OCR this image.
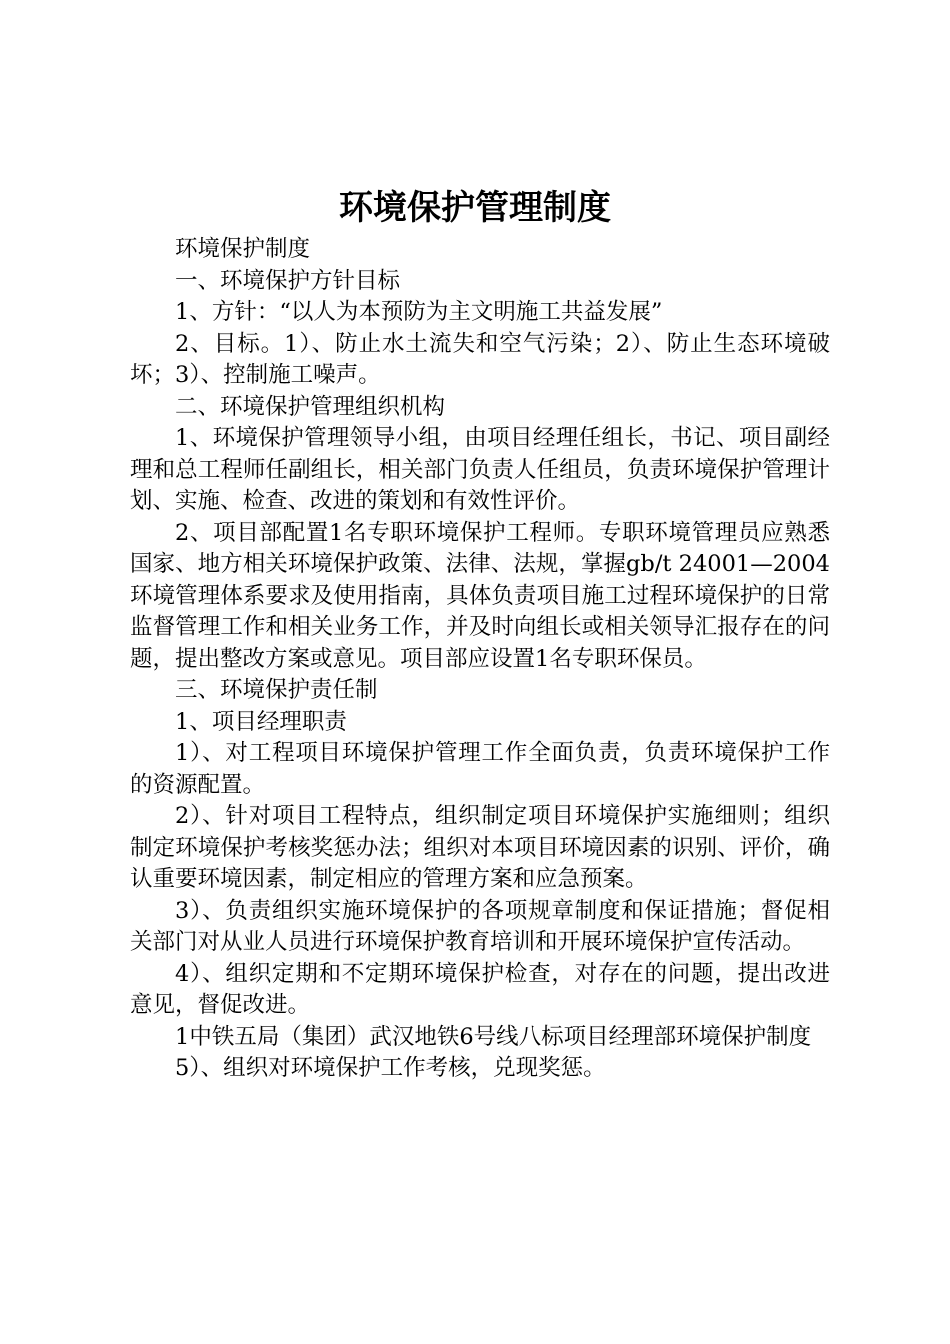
环境保护管理制度

环境保护制度

一、环境保护方针目标

1、方针：“以人为本预防为主文明施工共益发展”

2、目标。1）、防止水土流失和空气污染；2）、防止生态环境破坏；3）、控制施工噪声。

二、环境保护管理组织机构

1、环境保护管理领导小组，由项目经理任组长，书记、项目副经理和总工程师任副组长，相关部门负责人任组员，负责环境保护管理计划、实施、检查、改进的策划和有效性评价。

2、项目部配置1名专职环境保护工程师。专职环境管理员应熟悉国家、地方相关环境保护政策、法律、法规，掌握gb/t 24001—2004环境管理体系要求及使用指南，具体负责项目施工过程环境保护的日常监督管理工作和相关业务工作，并及时向组长或相关领导汇报存在的问题，提出整改方案或意见。项目部应设置1名专职环保员。

三、环境保护责任制

1、项目经理职责

1）、对工程项目环境保护管理工作全面负责，负责环境保护工作的资源配置。

2）、针对项目工程特点，组织制定项目环境保护实施细则；组织制定环境保护考核奖惩办法；组织对本项目环境因素的识别、评价，确认重要环境因素，制定相应的管理方案和应急预案。

3）、负责组织实施环境保护的各项规章制度和保证措施；督促相关部门对从业人员进行环境保护教育培训和开展环境保护宣传活动。

4）、组织定期和不定期环境保护检查，对存在的问题，提出改进意见，督促改进。

1中铁五局（集团）武汉地铁6号线八标项目经理部环境保护制度

5）、组织对环境保护工作考核，兑现奖惩。
